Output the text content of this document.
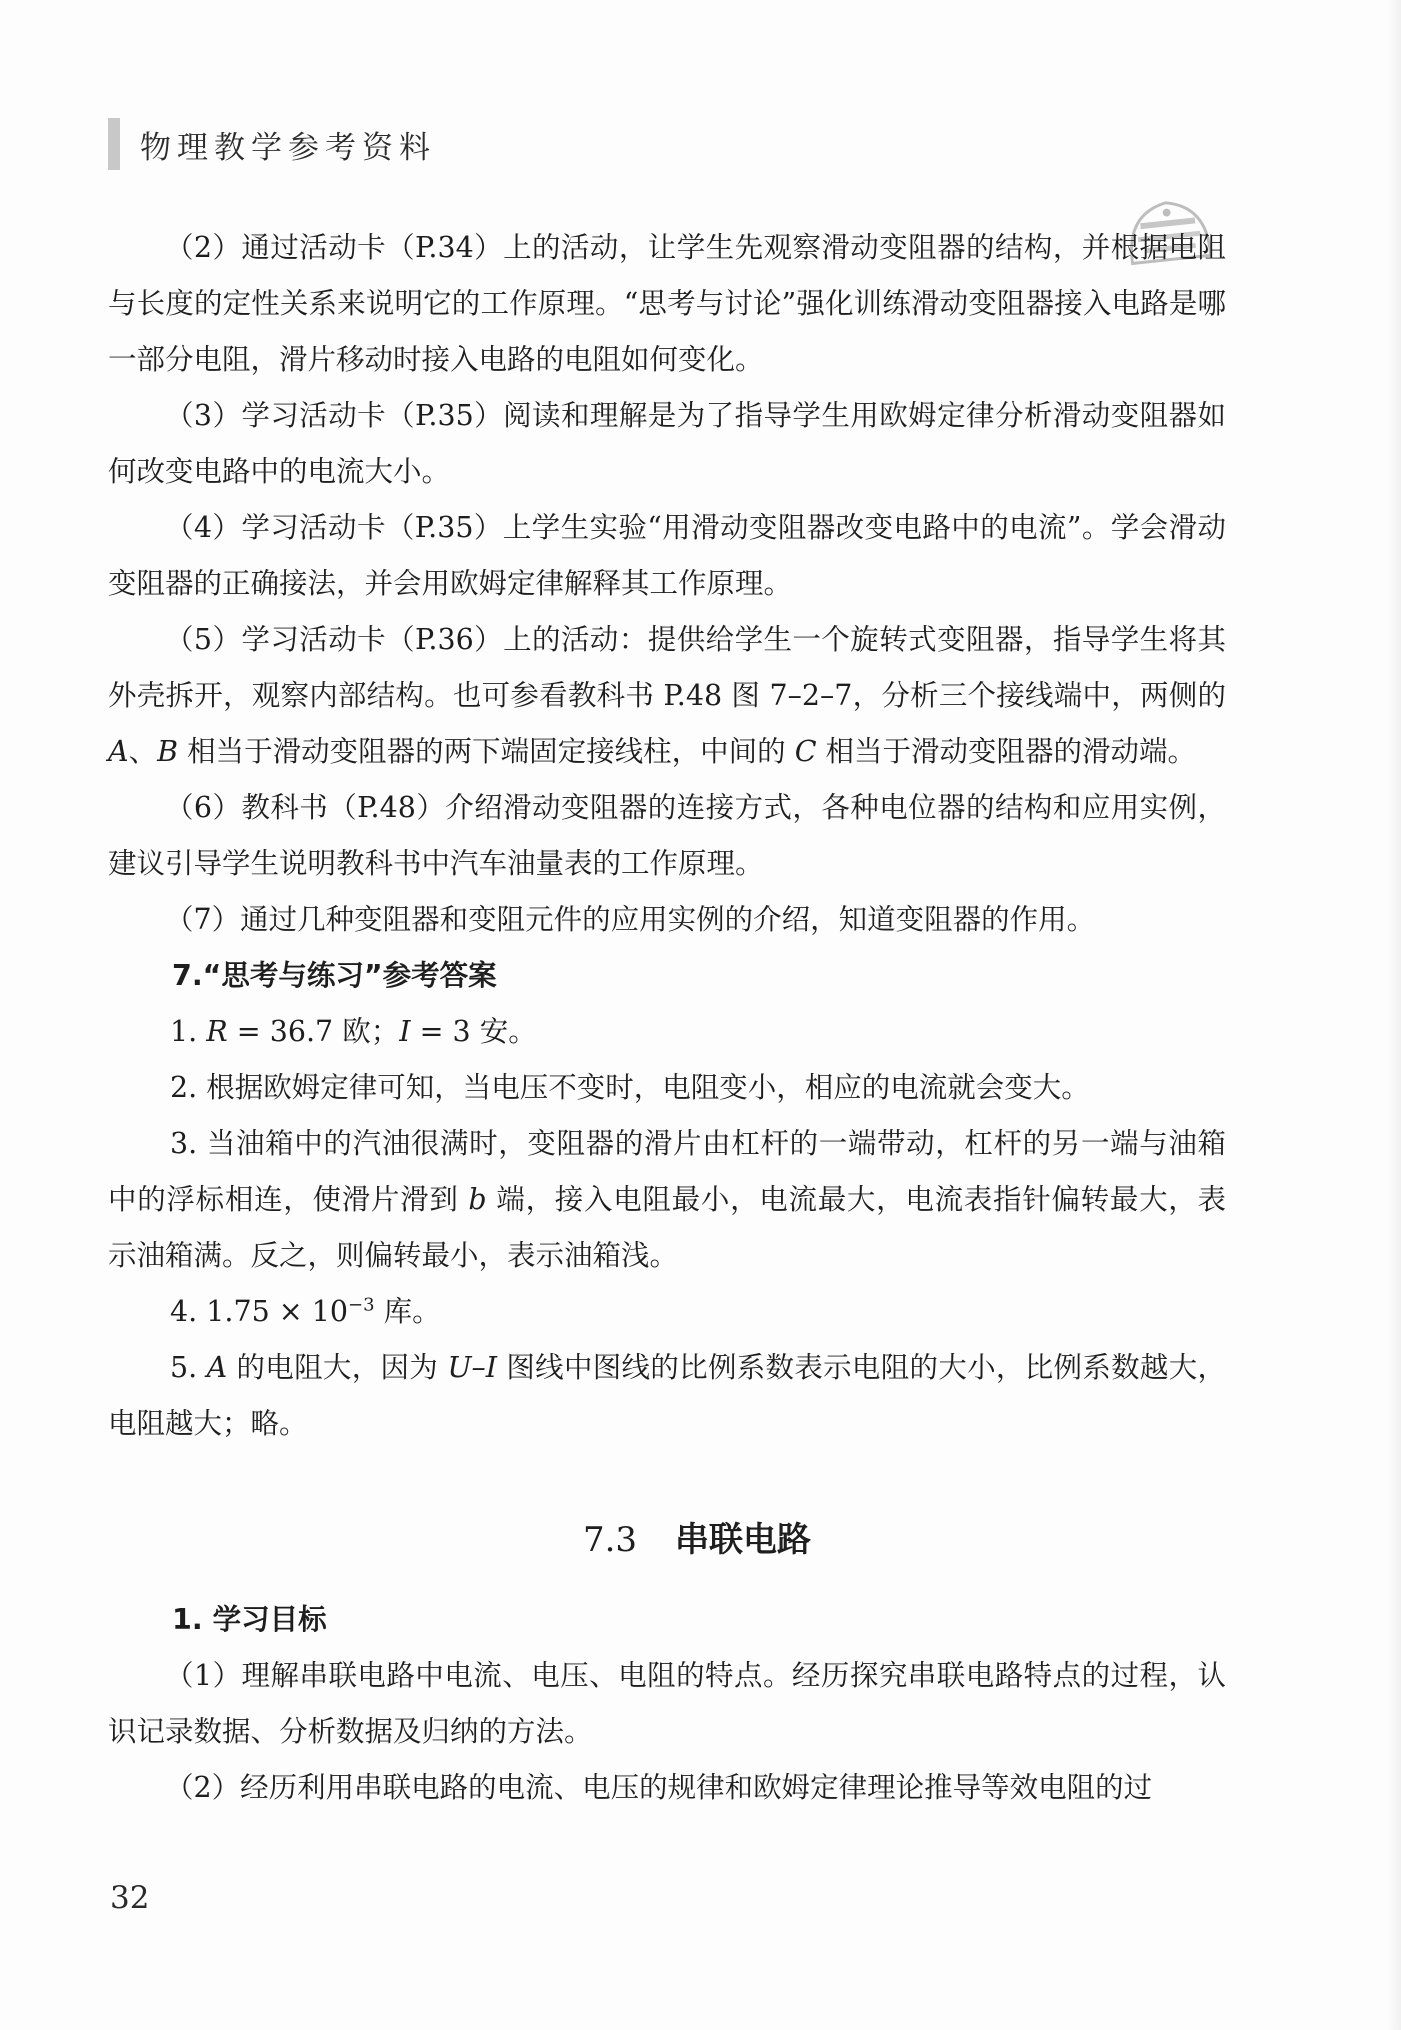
物理教学参考资料

（2）通过活动卡（P.34）上的活动，让学生先观察滑动变阻器的结构，并根据电阻与长度的定性关系来说明它的工作原理。“思考与讨论”强化训练滑动变阻器接入电路是哪一部分电阻，滑片移动时接入电路的电阻如何变化。

（3）学习活动卡（P.35）阅读和理解是为了指导学生用欧姆定律分析滑动变阻器如何改变电路中的电流大小。

（4）学习活动卡（P.35）上学生实验“用滑动变阻器改变电路中的电流”。学会滑动变阻器的正确接法，并会用欧姆定律解释其工作原理。

（5）学习活动卡（P.36）上的活动：提供给学生一个旋转式变阻器，指导学生将其外壳拆开，观察内部结构。也可参看教科书 P.48 图 7–2–7，分析三个接线端中，两侧的 A、B 相当于滑动变阻器的两下端固定接线柱，中间的 C 相当于滑动变阻器的滑动端。

（6）教科书（P.48）介绍滑动变阻器的连接方式，各种电位器的结构和应用实例，建议引导学生说明教科书中汽车油量表的工作原理。

（7）通过几种变阻器和变阻元件的应用实例的介绍，知道变阻器的作用。

7.“思考与练习”参考答案

1. R = 36.7 欧；I = 3 安。

2. 根据欧姆定律可知，当电压不变时，电阻变小，相应的电流就会变大。

3. 当油箱中的汽油很满时，变阻器的滑片由杠杆的一端带动，杠杆的另一端与油箱中的浮标相连，使滑片滑到 b 端，接入电阻最小，电流最大，电流表指针偏转最大，表示油箱满。反之，则偏转最小，表示油箱浅。

4. $1.75 \times 10^{-3}$ 库。

5. A 的电阻大，因为 U–I 图线中图线的比例系数表示电阻的大小，比例系数越大，电阻越大；略。

7.3 串联电路

1. 学习目标

（1）理解串联电路中电流、电压、电阻的特点。经历探究串联电路特点的过程，认识记录数据、分析数据及归纳的方法。

（2）经历利用串联电路的电流、电压的规律和欧姆定律理论推导等效电阻的过

32
